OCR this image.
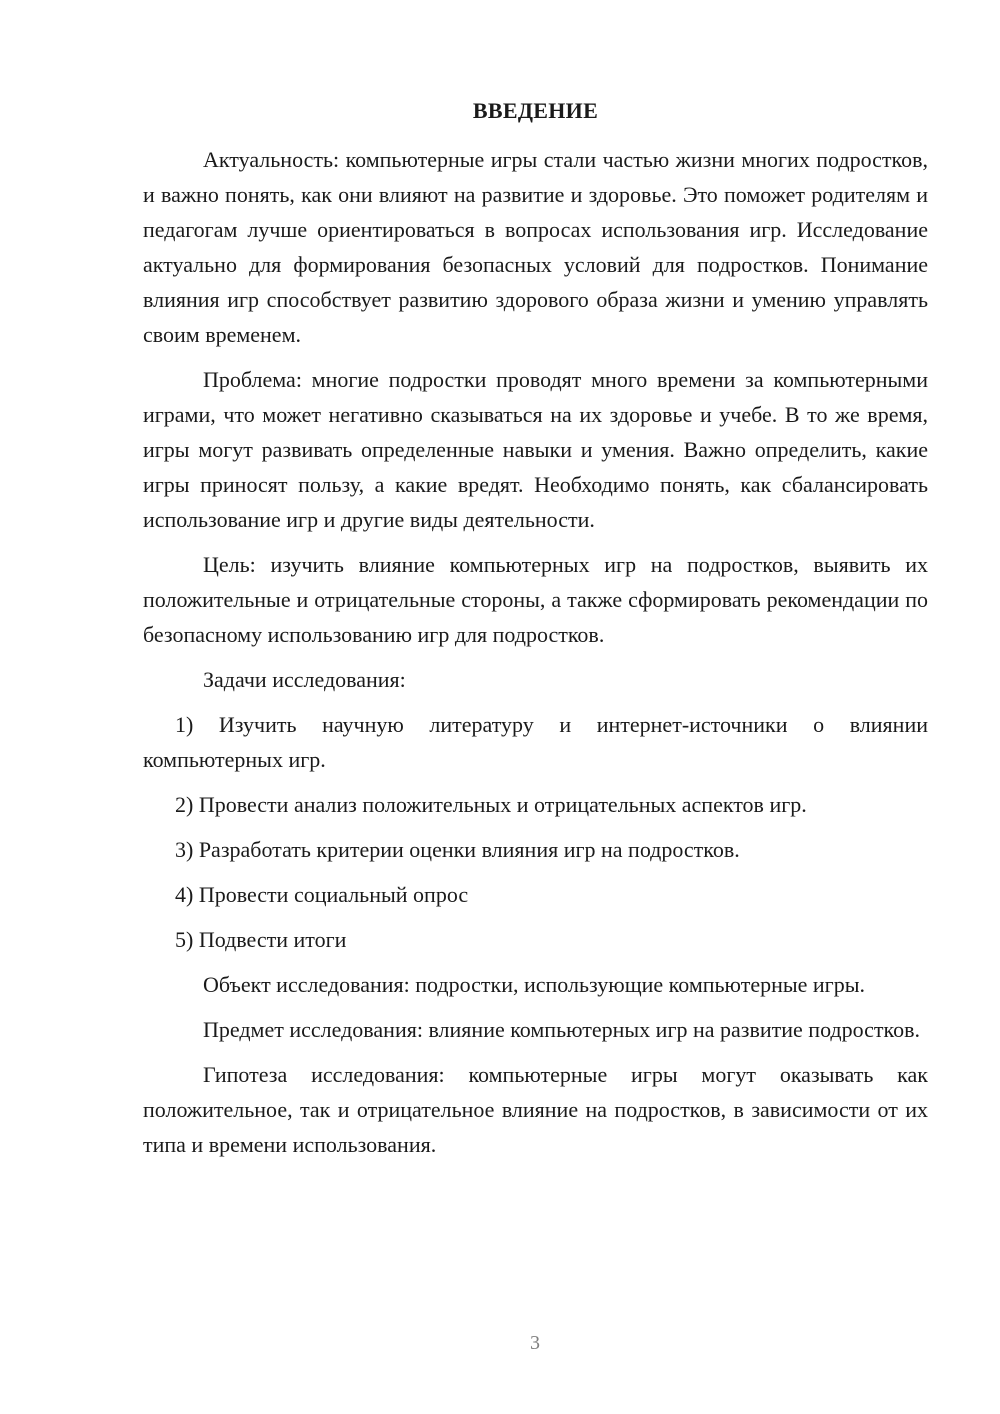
ВВЕДЕНИЕ

Актуальность: компьютерные игры стали частью жизни многих подростков, и важно понять, как они влияют на развитие и здоровье. Это поможет родителям и педагогам лучше ориентироваться в вопросах использования игр. Исследование актуально для формирования безопасных условий для подростков. Понимание влияния игр способствует развитию здорового образа жизни и умению управлять своим временем.

Проблема: многие подростки проводят много времени за компьютерными играми, что может негативно сказываться на их здоровье и учебе. В то же время, игры могут развивать определенные навыки и умения. Важно определить, какие игры приносят пользу, а какие вредят. Необходимо понять, как сбалансировать использование игр и другие виды деятельности.

Цель: изучить влияние компьютерных игр на подростков, выявить их положительные и отрицательные стороны, а также сформировать рекомендации по безопасному использованию игр для подростков.

Задачи исследования:

1) Изучить научную литературу и интернет-источники о влиянии компьютерных игр.

2) Провести анализ положительных и отрицательных аспектов игр.

3) Разработать критерии оценки влияния игр на подростков.

4) Провести социальный опрос

5) Подвести итоги

Объект исследования: подростки, использующие компьютерные игры.

Предмет исследования: влияние компьютерных игр на развитие подростков.

Гипотеза исследования: компьютерные игры могут оказывать как положительное, так и отрицательное влияние на подростков, в зависимости от их типа и времени использования.

3
